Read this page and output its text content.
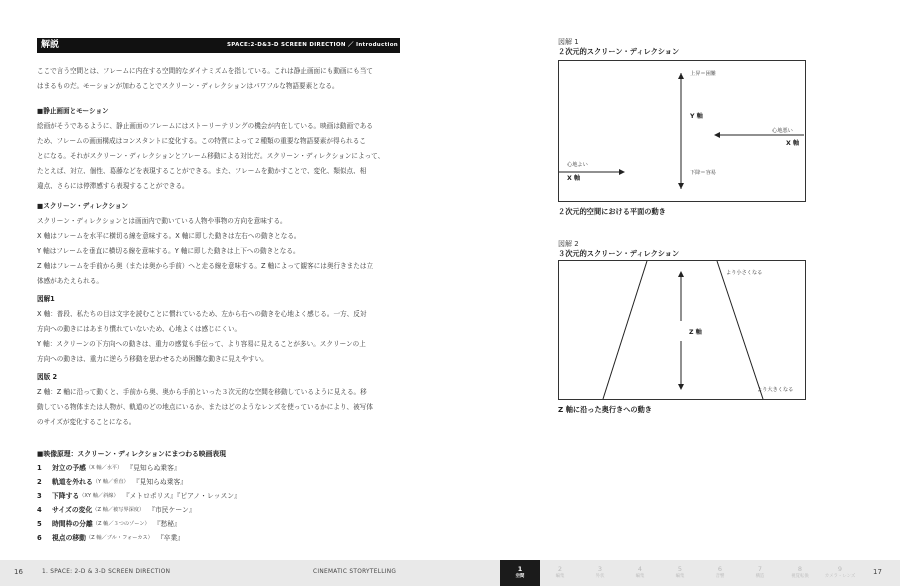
解説	SPACE:2-D&3-D SCREEN DIRECTION ／ Introduction

ここで言う空間とは、フレームに内在する空間的なダイナミズムを指している。これは静止画面にも動画にも当て

はまるものだ。モーションが加わることでスクリーン・ディレクションはパワフルな物語要素となる。

■静止画面とモーション

絵画がそうであるように、静止画面のフレームにはストーリーテリングの機会が内在している。映画は動画である

ため、フレームの画面構成はコンスタントに変化する。この特質によって２種類の重要な物語要素が得られるこ

とになる。それがスクリーン・ディレクションとフレーム移動による対比だ。スクリーン・ディレクションによって、

たとえば、対立、個性、葛藤などを表現することができる。また、フレームを動かすことで、変化、類似点、相

違点、さらには停滞感すら表現することができる。

■スクリーン・ディレクション

スクリーン・ディレクションとは画面内で動いている人物や事物の方向を意味する。

X 軸はフレームを水平に横切る線を意味する。X 軸に即した動きは左右への動きとなる。

Y 軸はフレームを垂直に横切る線を意味する。Y 軸に即した動きは上下への動きとなる。

Z 軸はフレームを手前から奥（または奥から手前）へと走る線を意味する。Z 軸によって観客には奥行きまたは立

体感があたえられる。

図解1

X 軸：普段、私たちの目は文字を読むことに慣れているため、左から右への動きを心地よく感じる。一方、反対

方向への動きにはあまり慣れていないため、心地よくは感じにくい。

Y 軸：スクリーンの下方向への動きは、重力の感覚も手伝って、より容易に見えることが多い。スクリーンの上

方向への動きは、重力に逆らう移動を思わせるため困難な動きに見えやすい。

図版 2

Z 軸：Z 軸に沿って動くと、手前から奥、奥から手前といった３次元的な空間を移動しているように見える。移

動している物体または人物が、軌道のどの地点にいるか、またはどのようなレンズを使っているかにより、被写体

のサイズが変化することになる。

■映像原理：スクリーン・ディレクションにまつわる映画表現
1	対立の予感 （X 軸／水平） 『見知らぬ乗客』
2	軌道を外れる （Y 軸／垂直） 『見知らぬ乗客』
3	下降する （XY 軸／斜線） 『メトロポリス』『ピアノ・レッスン』
4	サイズの変化 （Z 軸／被写界深度） 『市民ケーン』
5	時間枠の分離 （Z 軸／３つのゾーン） 『愁秘』
6	視点の移動 （Z 軸／ブル・フォーカス） 『卒業』
図解 1
２次元的スクリーン・ディレクション
上昇＝困難
Y 軸
心地悪い
X 軸
心地よい
X 軸
下降＝容易
２次元的空間における平面の動き
図解 2
３次元的スクリーン・ディレクション
より小さくなる
Z 軸
より大きくなる
Z 軸に沿った奥行きへの動き
16	1. SPACE: 2-D & 3-D SCREEN DIRECTION	CINEMATIC STORYTELLING	17
1
空間
2
編集
3
外状
4
編集
5
編集
6
音響
7
構造
8
視覚転換
9
カメラ・レンズ
